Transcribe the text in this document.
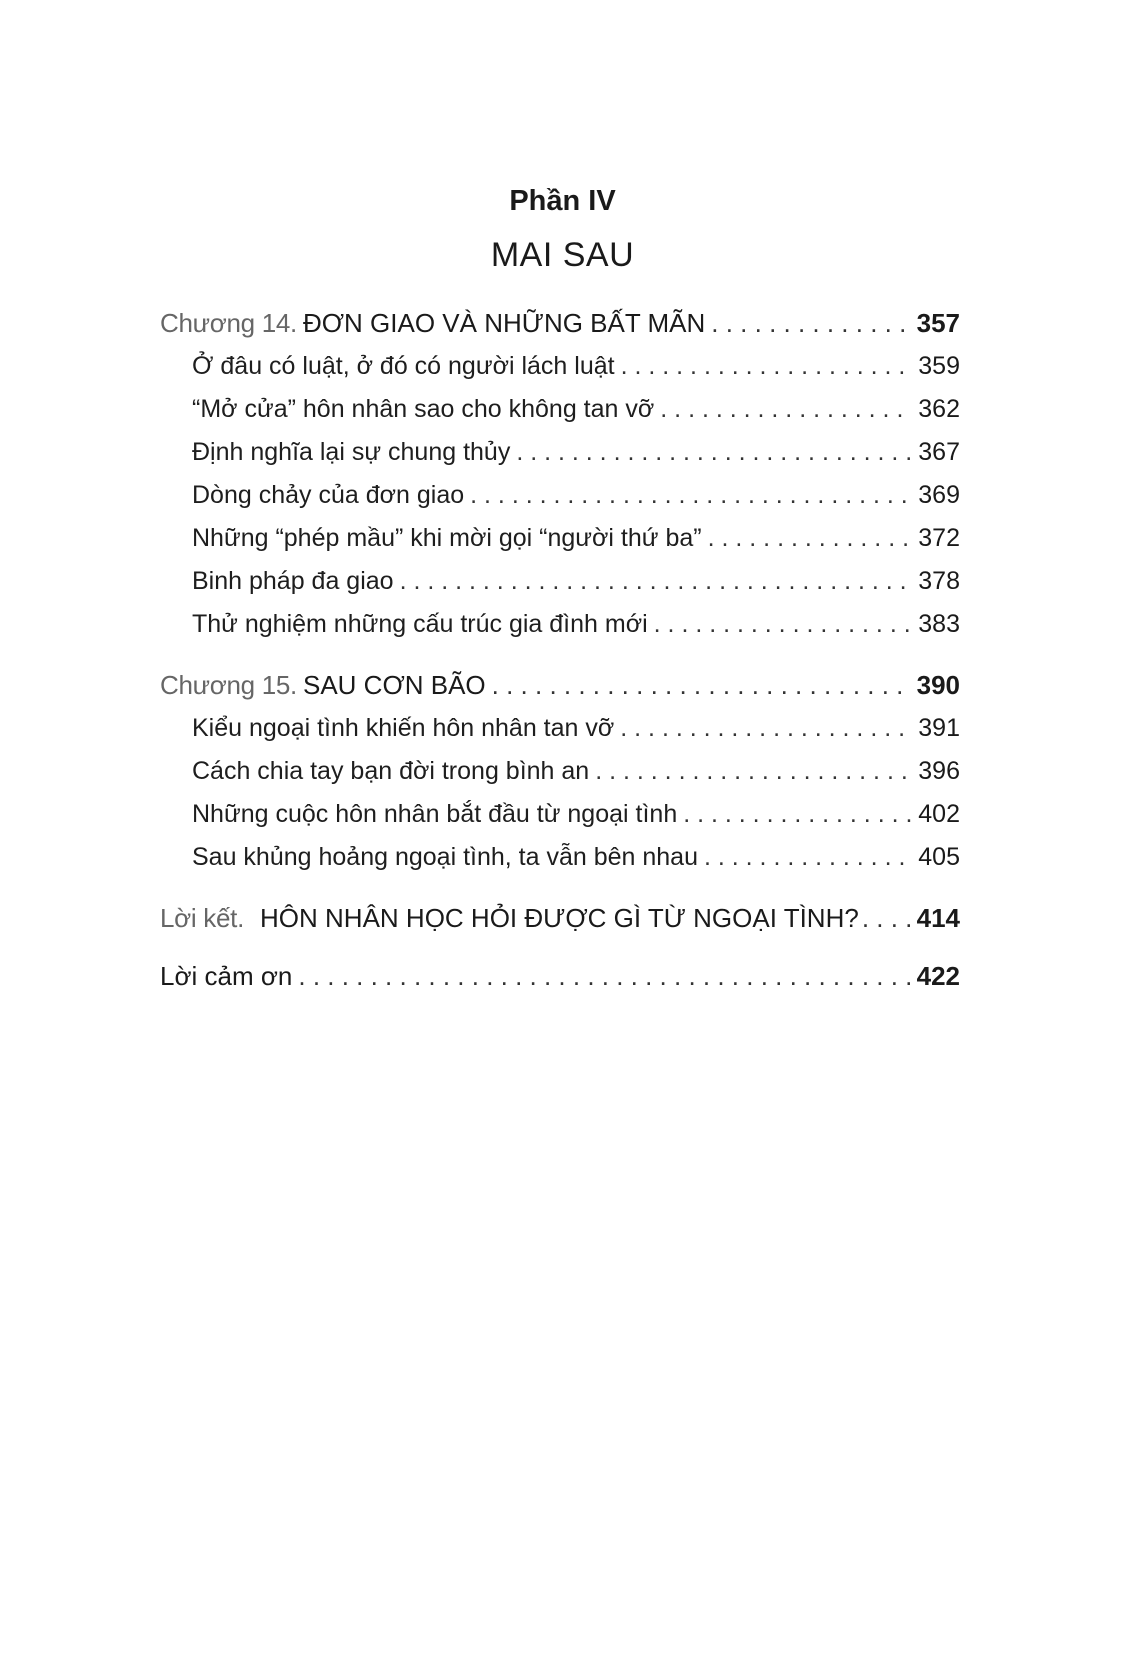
Phần IV
MAI SAU
Chương 14. ĐƠN GIAO VÀ NHỮNG BẤT MÃN . . .	357
Ở đâu có luật, ở đó có người lách luật . . .	359
“Mở cửa” hôn nhân sao cho không tan vỡ . . .	362
Định nghĩa lại sự chung thủy . . .	367
Dòng chảy của đơn giao . . .	369
Những “phép mầu” khi mời gọi “người thứ ba” . . .	372
Binh pháp đa giao . . .	378
Thử nghiệm những cấu trúc gia đình mới . . .	383
Chương 15. SAU CƠN BÃO . . .	390
Kiểu ngoại tình khiến hôn nhân tan vỡ . . .	391
Cách chia tay bạn đời trong bình an . . .	396
Những cuộc hôn nhân bắt đầu từ ngoại tình . . .	402
Sau khủng hoảng ngoại tình, ta vẫn bên nhau . . .	405
Lời kết. HÔN NHÂN HỌC HỎI ĐƯỢC GÌ TỪ NGOẠI TÌNH? . . . 414
Lời cảm ơn . . .	422
